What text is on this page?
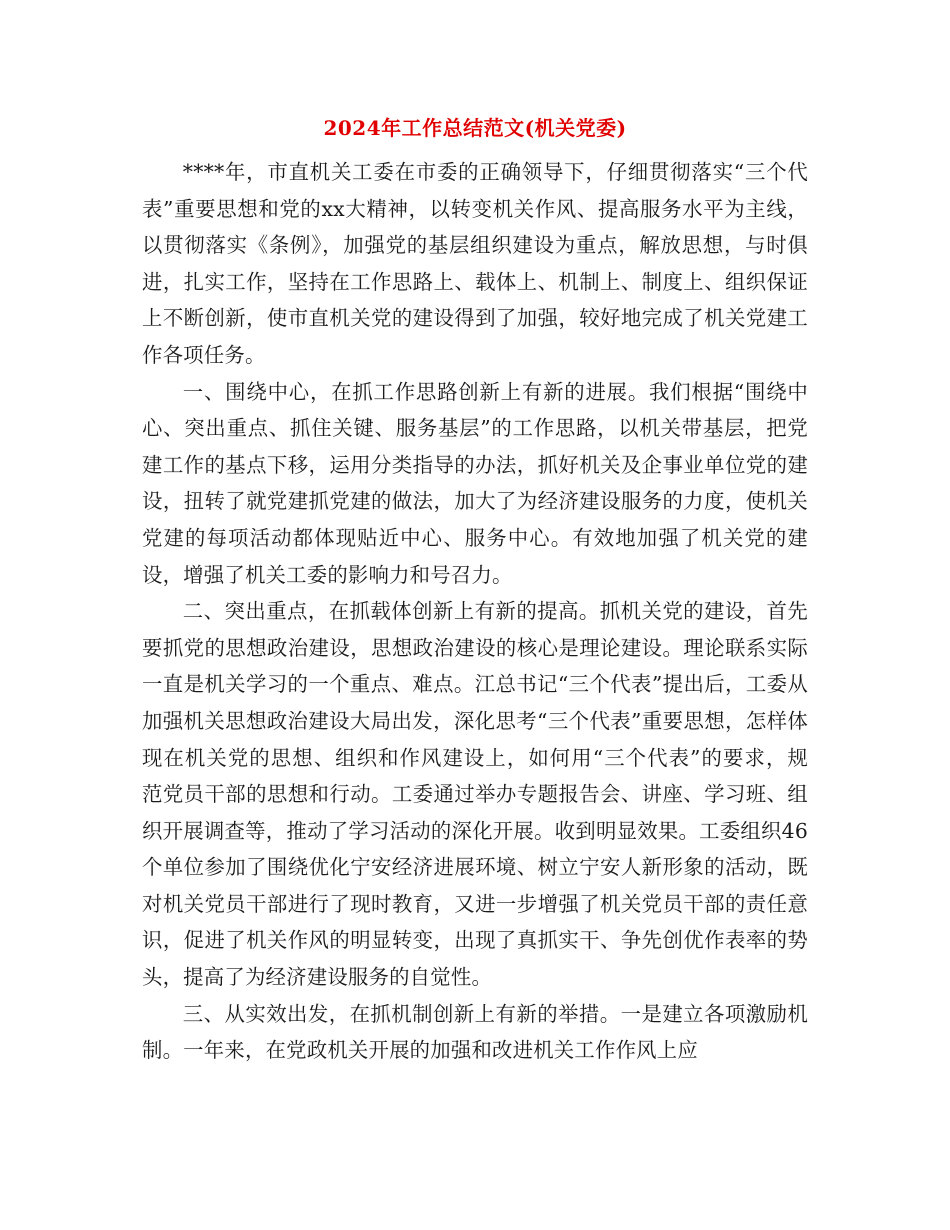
2024年工作总结范文(机关党委)

****年，市直机关工委在市委的正确领导下，仔细贯彻落实“三个代表”重要思想和党的xx大精神，以转变机关作风、提高服务水平为主线，以贯彻落实《条例》，加强党的基层组织建设为重点，解放思想，与时俱进，扎实工作，坚持在工作思路上、载体上、机制上、制度上、组织保证上不断创新，使市直机关党的建设得到了加强，较好地完成了机关党建工作各项任务。

一、围绕中心，在抓工作思路创新上有新的进展。我们根据“围绕中心、突出重点、抓住关键、服务基层”的工作思路，以机关带基层，把党建工作的基点下移，运用分类指导的办法，抓好机关及企事业单位党的建设，扭转了就党建抓党建的做法，加大了为经济建设服务的力度，使机关党建的每项活动都体现贴近中心、服务中心。有效地加强了机关党的建设，增强了机关工委的影响力和号召力。

二、突出重点，在抓载体创新上有新的提高。抓机关党的建设，首先要抓党的思想政治建设，思想政治建设的核心是理论建设。理论联系实际一直是机关学习的一个重点、难点。江总书记“三个代表”提出后，工委从加强机关思想政治建设大局出发，深化思考“三个代表”重要思想，怎样体现在机关党的思想、组织和作风建设上，如何用“三个代表”的要求，规 范党员干部的思想和行动。工委通过举办专题报告会、讲座、学习班、组织开展调查等，推动了学习活动的深化开展。收到明显效果。工委组织46个单位参加了围绕优化宁安经济进展环境、树立宁安人新形象的活动，既对机关党员干部进行了现时教育，又进一步增强了机关党员干部的责任意识，促进了机关作风的明显转变，出现了真抓实干、争先创优作表率的势头，提高了为经济建设服务的自觉性。

三、从实效出发，在抓机制创新上有新的举措。一是建立各项激励机制。一年来，在党政机关开展的加强和改进机关工作作风上应
